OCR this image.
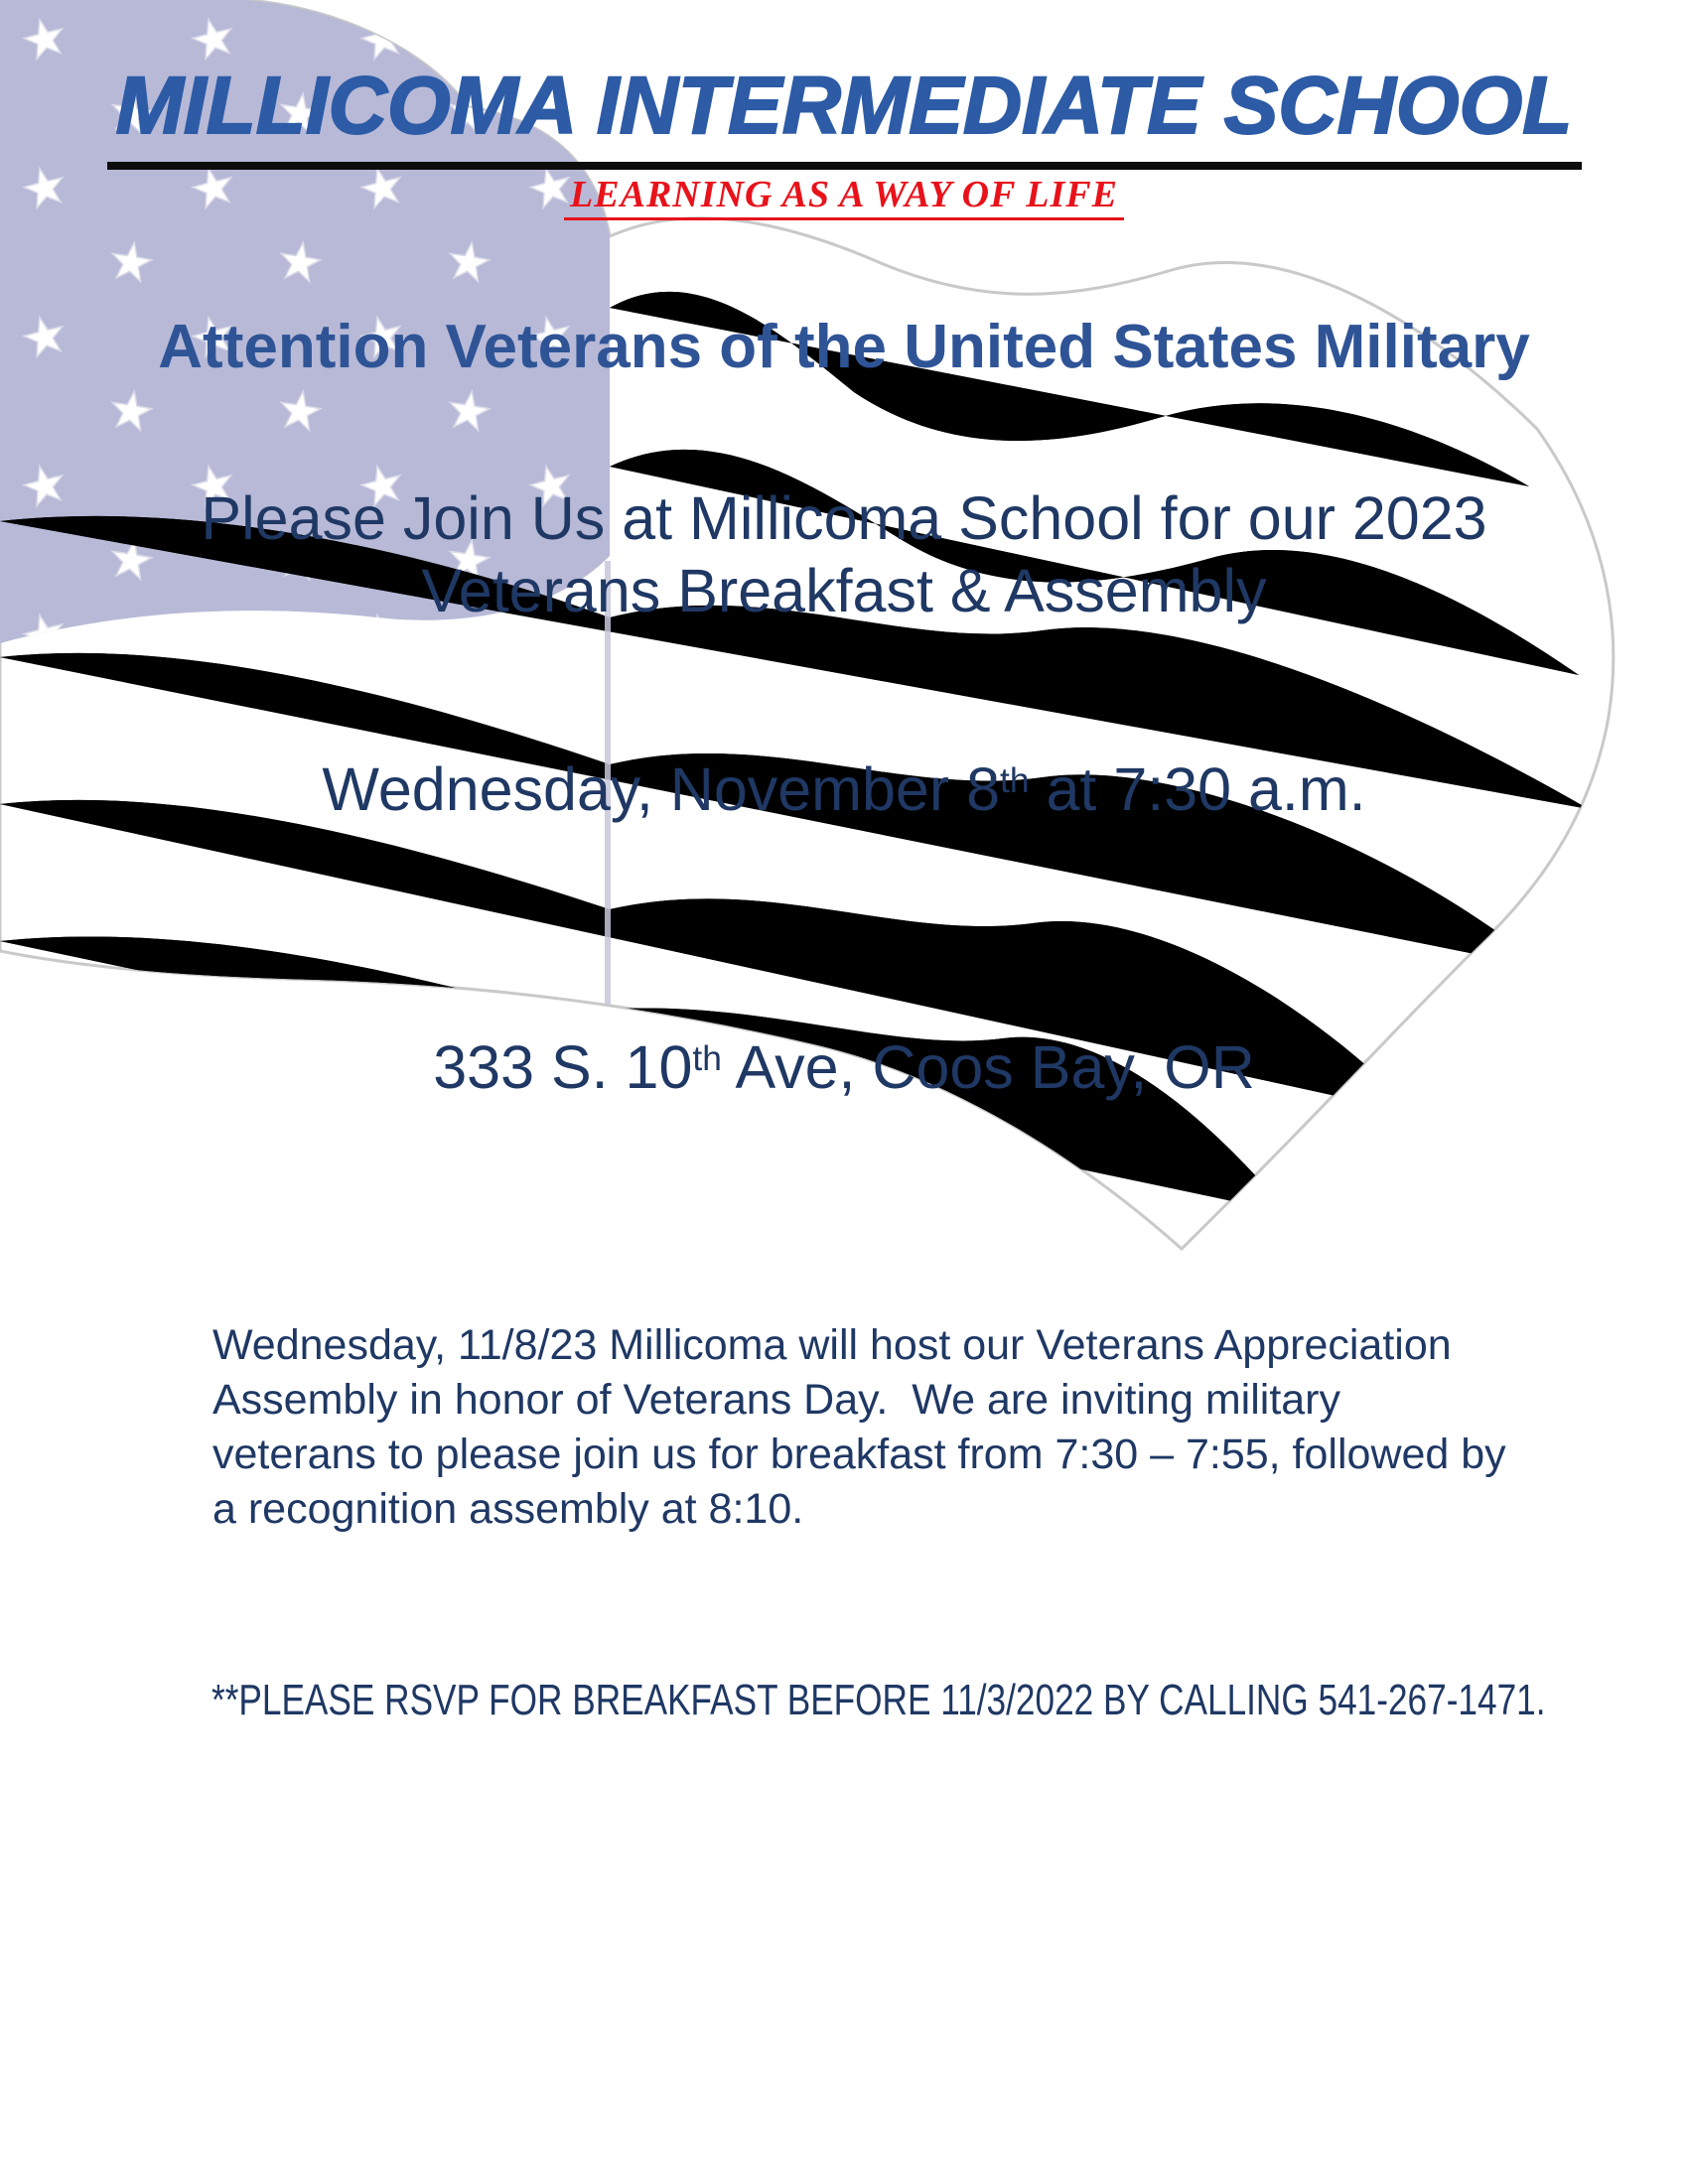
MILLICOMA INTERMEDIATE SCHOOL
LEARNING AS A WAY OF LIFE
Attention Veterans of the United States Military
Please Join Us at Millicoma School for our 2023
Veterans Breakfast & Assembly
Wednesday, November 8th at 7:30 a.m.
333 S. 10th Ave, Coos Bay, OR
Wednesday, 11/8/23 Millicoma will host our Veterans Appreciation
Assembly in honor of Veterans Day.  We are inviting military
veterans to please join us for breakfast from 7:30 – 7:55, followed by
a recognition assembly at 8:10.
**PLEASE RSVP FOR BREAKFAST BEFORE 11/3/2022 BY CALLING 541-267-1471.
